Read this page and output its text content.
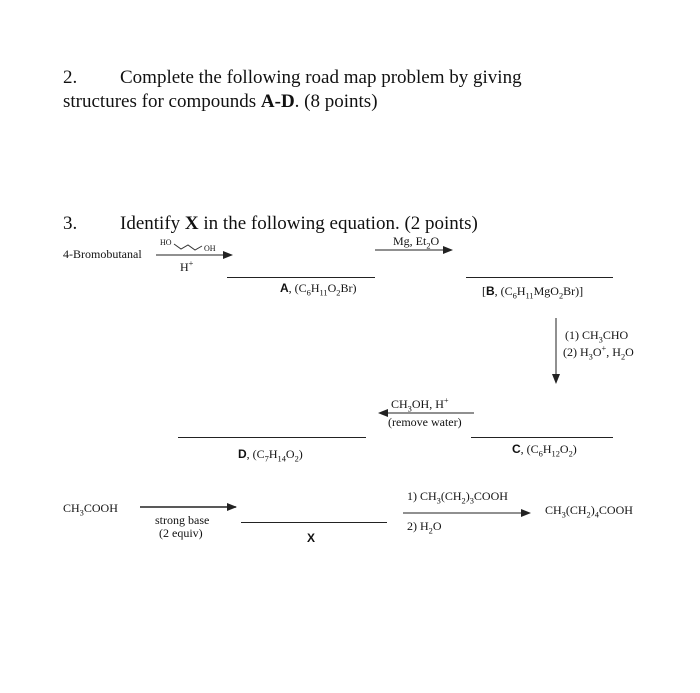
2. Complete the following road map problem by giving
structures for compounds A-D. (8 points)
3. Identify X in the following equation. (2 points)
4-Bromobutanal
HO
OH
H+
Mg, $Et_2O$
A, $(C_6H_{11}O_2Br)$	[B, $(C_6H_{11}MgO_2Br)$]
(1) $CH_3CHO$
(2) $H_3O^+$, $H_2O$
$CH_3OH$, H+
(remove water)
C, $(C_6H_{12}O_2)$
D, $(C_7H_{14}O_2)$
$CH_3COOH$
strong base
(2 equiv)	X
1) $CH_3(CH_2)_3COOH$
2) $H_2O$
$CH_3(CH_2)_4COOH$
